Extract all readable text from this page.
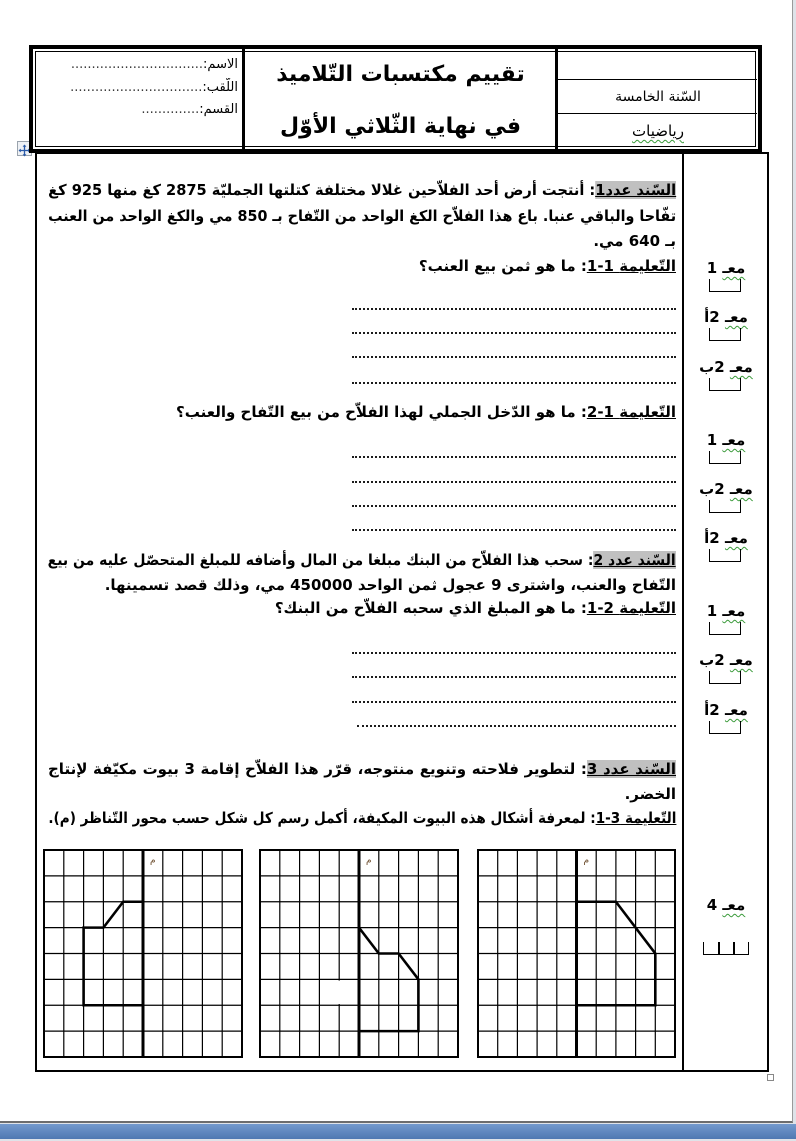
الاسم:................................
اللّقب:................................
القسم:..............
تقييم مكتسبات التّلاميذ
في نهاية الثّلاثي الأوّل
السّنة الخامسة
رياضيات
السّند عدد1: أنتجت أرض أحد الفلاّحين غلالا مختلفة كتلتها الجمليّة 2875 كغ منها 925 كغ
تفّاحا والباقي عنبا. باع هذا الفلاّح الكغ الواحد من التّفاح بـ 850 مي والكغ الواحد من العنب
بـ 640 مي.
التّعليمة 1-1: ما هو ثمن بيع العنب؟
التّعليمة 2-1: ما هو الدّخل الجملي لهذا الفلاّح من بيع التّفاح والعنب؟
السّند عدد 2: سحب هذا الفلاّح من البنك مبلغا من المال وأضافه للمبلغ المتحصّل عليه من بيع
التّفاح والعنب، واشترى 9 عجول ثمن الواحد 450000 مي، وذلك قصد تسمينها.
التّعليمة 1-2: ما هو المبلغ الذي سحبه الفلاّح من البنك؟
السّند عدد 3: لتطوير فلاحته وتنويع منتوجه، قرّر هذا الفلاّح إقامة 3 بيوت مكيّفة لإنتاج
الخضر.
التّعليمة 1-3: لمعرفة أشكال هذه البيوت المكيفة، أكمل رسم كل شكل حسب محور التّناظر (م).
م	م	م
معـ 1
معـ 2أ
معـ 2ب
معـ 1
معـ 2ب
معـ 2أ
معـ 1
معـ 2ب
معـ 2أ
معـ 4
